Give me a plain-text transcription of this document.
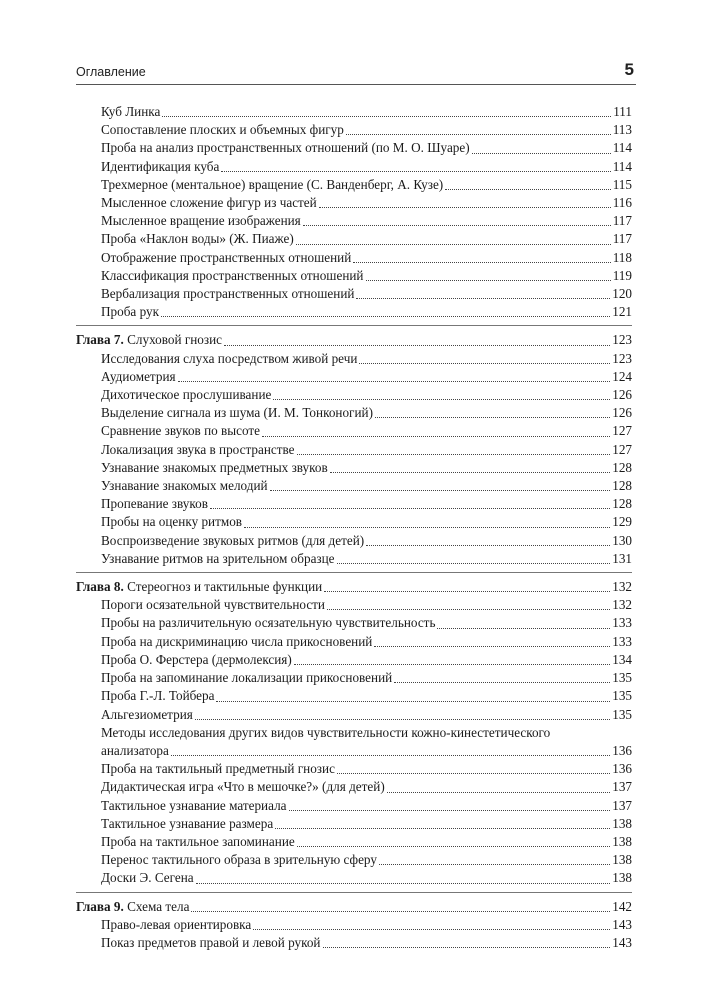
Оглавление	5
Куб Линка	111
Сопоставление плоских и объемных фигур	113
Проба на анализ пространственных отношений (по М. О. Шуаре)	114
Идентификация куба	114
Трехмерное (ментальное) вращение (С. Ванденберг, А. Кузе)	115
Мысленное сложение фигур из частей	116
Мысленное вращение изображения	117
Проба «Наклон воды» (Ж. Пиаже)	117
Отображение пространственных отношений	118
Классификация пространственных отношений	119
Вербализация пространственных отношений	120
Проба рук	121
Глава 7. Слуховой гнозис	123
Исследования слуха посредством живой речи	123
Аудиометрия	124
Дихотическое прослушивание	126
Выделение сигнала из шума (И. М. Тонконогий)	126
Сравнение звуков по высоте	127
Локализация звука в пространстве	127
Узнавание знакомых предметных звуков	128
Узнавание знакомых мелодий	128
Пропевание звуков	128
Пробы на оценку ритмов	129
Воспроизведение звуковых ритмов (для детей)	130
Узнавание ритмов на зрительном образце	131
Глава 8. Стереогноз и тактильные функции	132
Пороги осязательной чувствительности	132
Пробы на различительную осязательную чувствительность	133
Проба на дискриминацию числа прикосновений	133
Проба О. Ферстера (дермолексия)	134
Проба на запоминание локализации прикосновений	135
Проба Г.-Л. Тойбера	135
Альгезиометрия	135
Методы исследования других видов чувствительности кожно-кинестетического
анализатора	136
Проба на тактильный предметный гнозис	136
Дидактическая игра «Что в мешочке?» (для детей)	137
Тактильное узнавание материала	137
Тактильное узнавание размера	138
Проба на тактильное запоминание	138
Перенос тактильного образа в зрительную сферу	138
Доски Э. Сегена	138
Глава 9. Схема тела	142
Право-левая ориентировка	143
Показ предметов правой и левой рукой	143
